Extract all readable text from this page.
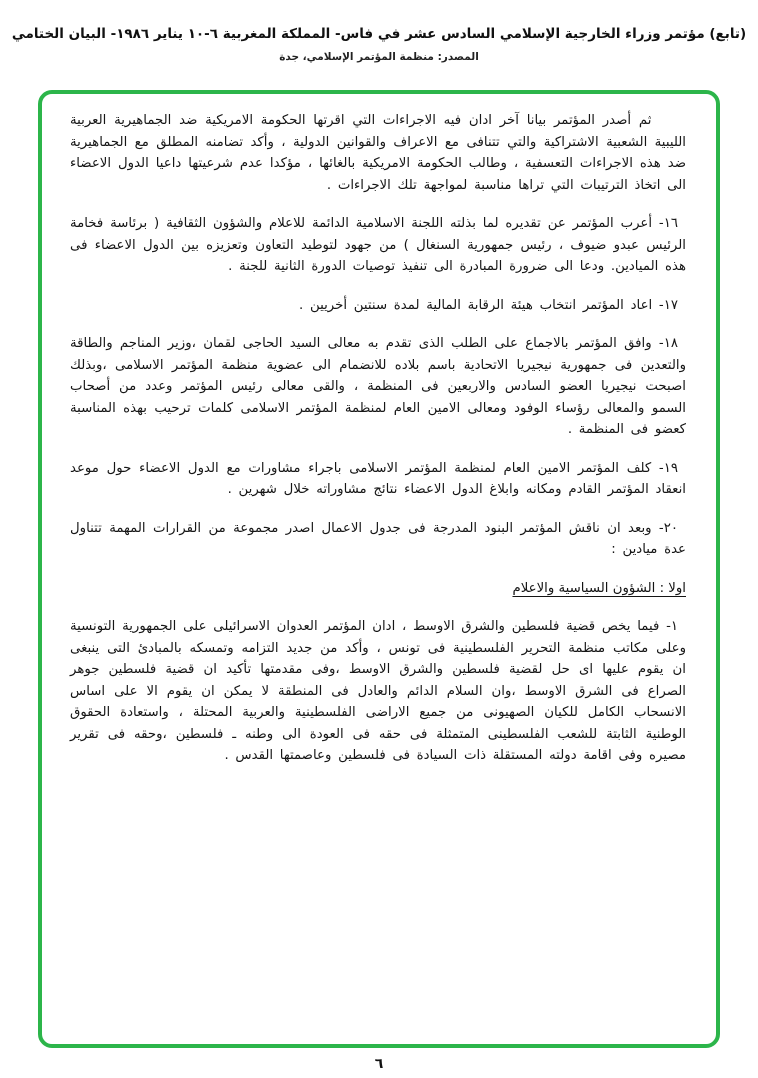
(تابع) مؤتمر وزراء الخارجية الإسلامي السادس عشر في فاس- المملكة المغربية ٦-١٠ يناير ١٩٨٦- البيان الختامي
المصدر: منظمة المؤتمر الإسلامي، جدة

ثم أصدر المؤتمر بيانا آخر ادان فيه الاجراءات التي اقرتها الحكومة الامريكية ضد الجماهيرية العربية الليبية الشعبية الاشتراكية والتي تتنافى مع الاعراف والقوانين الدولية ، وأكد تضامنه المطلق مع الجماهيرية ضد هذه الاجراءات التعسفية ، وطالب الحكومة الامريكية بالغائها ، مؤكدا عدم شرعيتها داعيا الدول الاعضاء الى اتخاذ الترتيبات التي تراها مناسبة لمواجهة تلك الاجراءات .

١٦- أعرب المؤتمر عن تقديره لما بذلته اللجنة الاسلامية الدائمة للاعلام والشؤون الثقافية ( برئاسة فخامة الرئيس عبدو ضيوف ، رئيس جمهورية السنغال ) من جهود لتوطيد التعاون وتعزيزه بين الدول الاعضاء فى هذه الميادين. ودعا الى ضرورة المبادرة الى تنفيذ توصيات الدورة الثانية للجنة .

١٧- اعاد المؤتمر انتخاب هيئة الرقابة المالية لمدة سنتين أخريين .

١٨- وافق المؤتمر بالاجماع على الطلب الذى تقدم به معالى السيد الحاجى لقمان ،وزير المناجم والطاقة والتعدين فى جمهورية نيجيريا الاتحادية باسم بلاده للانضمام الى عضوية منظمة المؤتمر الاسلامى ،وبذلك اصبحت نيجيريا العضو السادس والاربعين فى المنظمة ، والقى معالى رئيس المؤتمر وعدد من أصحاب السمو والمعالى رؤساء الوفود ومعالى الامين العام لمنظمة المؤتمر الاسلامى كلمات ترحيب بهذه المناسبة كعضو فى المنظمة .

١٩- كلف المؤتمر الامين العام لمنظمة المؤتمر الاسلامى باجراء مشاورات مع الدول الاعضاء حول موعد انعقاد المؤتمر القادم ومكانه وابلاغ الدول الاعضاء نتائج مشاوراته خلال شهرين .

٢٠- وبعد ان ناقش المؤتمر البنود المدرجة فى جدول الاعمال اصدر مجموعة من القرارات المهمة تتناول عدة ميادين :

اولا : الشؤون السياسية والاعلام

١- فيما يخص قضية فلسطين والشرق الاوسط ، ادان المؤتمر العدوان الاسرائيلى على الجمهورية التونسية وعلى مكاتب منظمة التحرير الفلسطينية فى تونس ، وأكد من جديد التزامه وتمسكه بالمبادئ التى ينبغى ان يقوم عليها اى حل لقضية فلسطين والشرق الاوسط ،وفى مقدمتها تأكيد ان قضية فلسطين جوهر الصراع فى الشرق الاوسط ،وان السلام الدائم والعادل فى المنطقة لا يمكن ان يقوم الا على اساس الانسحاب الكامل للكيان الصهيونى من جميع الاراضى الفلسطينية والعربية المحتلة ، واستعادة الحقوق الوطنية الثابتة للشعب الفلسطينى المتمثلة فى حقه فى العودة الى وطنه ـ فلسطين ،وحقه فى تقرير مصيره وفى اقامة دولته المستقلة ذات السيادة فى فلسطين وعاصمتها القدس .

٦
